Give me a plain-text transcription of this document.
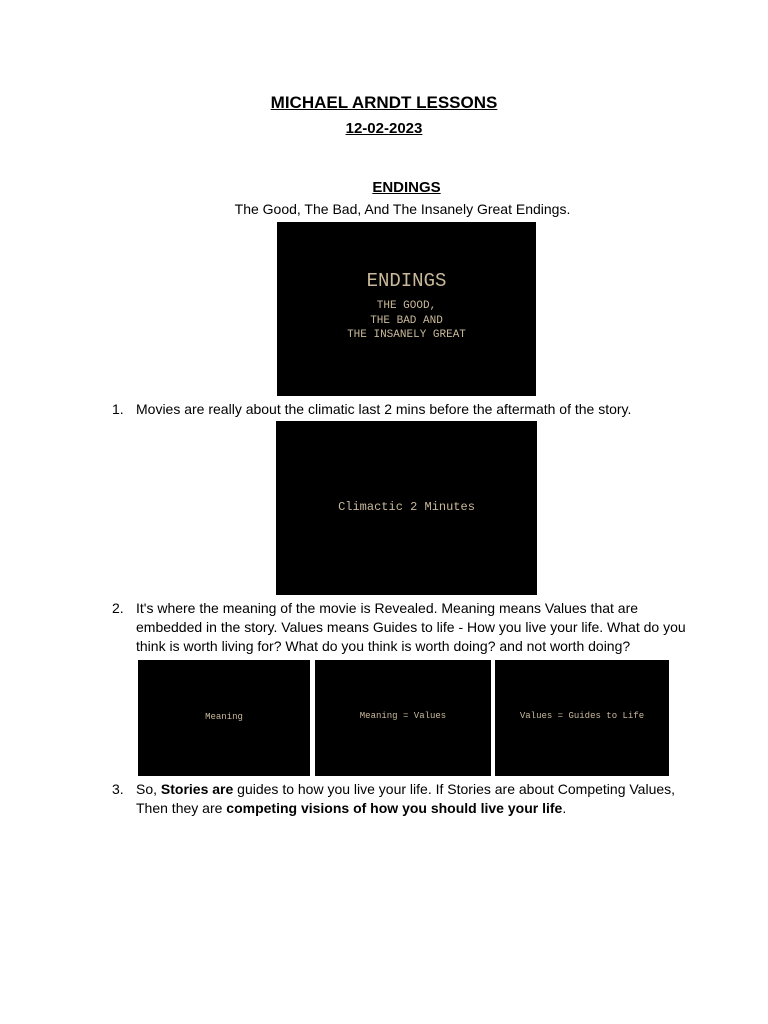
MICHAEL ARNDT LESSONS
12-02-2023
ENDINGS
The Good, The Bad, And The Insanely Great Endings.
ENDINGS
THE GOOD,
THE BAD AND
THE INSANELY GREAT
1. Movies are really about the climatic last 2 mins before the aftermath of the story.
Climactic 2 Minutes
2. It's where the meaning of the movie is Revealed. Meaning means Values that are embedded in the story. Values means Guides to life - How you live your life. What do you think is worth living for? What do you think is worth doing? and not worth doing?
Meaning	Meaning = Values	Values = Guides to Life
3. So, Stories are guides to how you live your life. If Stories are about Competing Values, Then they are competing visions of how you should live your life.
